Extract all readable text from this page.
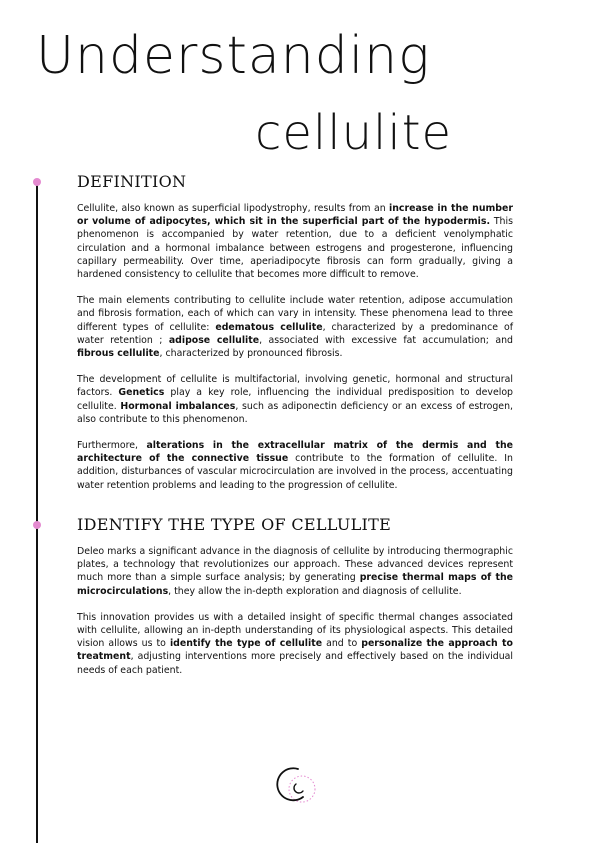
Understanding
cellulite
DEFINITION

Cellulite, also known as superficial lipodystrophy, results from an increase in the number or volume of adipocytes, which sit in the superficial part of the hypodermis. This phenomenon is accompanied by water retention, due to a deficient venolymphatic circulation and a hormonal imbalance between estrogens and progesterone, influencing capillary permeability. Over time, aperiadipocyte fibrosis can form gradually, giving a hardened consistency to cellulite that becomes more difficult to remove.

The main elements contributing to cellulite include water retention, adipose accumulation and fibrosis formation, each of which can vary in intensity. These phenomena lead to three different types of cellulite: edematous cellulite, characterized by a predominance of water retention ; adipose cellulite, associated with excessive fat accumulation; and fibrous cellulite, characterized by pronounced fibrosis.

The development of cellulite is multifactorial, involving genetic, hormonal and structural factors. Genetics play a key role, influencing the individual predisposition to develop cellulite. Hormonal imbalances, such as adiponectin deficiency or an excess of estrogen, also contribute to this phenomenon.

Furthermore, alterations in the extracellular matrix of the dermis and the architecture of the connective tissue contribute to the formation of cellulite. In addition, disturbances of vascular microcirculation are involved in the process, accentuating water retention problems and leading to the progression of cellulite.

IDENTIFY THE TYPE OF CELLULITE

Deleo marks a significant advance in the diagnosis of cellulite by introducing thermographic plates, a technology that revolutionizes our approach. These advanced devices represent much more than a simple surface analysis; by generating precise thermal maps of the microcirculations, they allow the in-depth exploration and diagnosis of cellulite.

This innovation provides us with a detailed insight of specific thermal changes associated with cellulite, allowing an in-depth understanding of its physiological aspects. This detailed vision allows us to identify the type of cellulite and to personalize the approach to treatment, adjusting interventions more precisely and effectively based on the individual needs of each patient.
